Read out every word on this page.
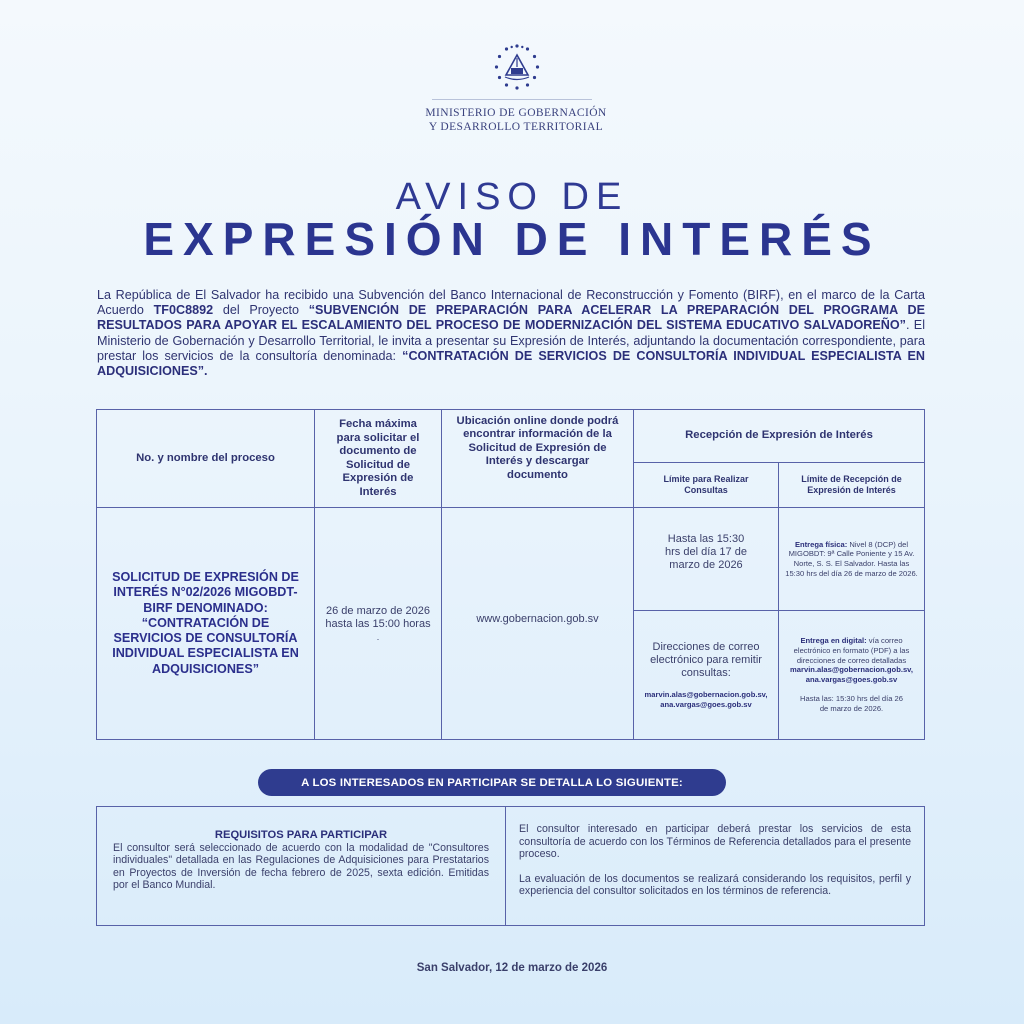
MINISTERIO DE GOBERNACIÓN
Y DESARROLLO TERRITORIAL
AVISO DE
EXPRESIÓN DE INTERÉS
La República de El Salvador ha recibido una Subvención del Banco Internacional de Reconstrucción y Fomento (BIRF), en el marco de la Carta Acuerdo TF0C8892 del Proyecto “SUBVENCIÓN DE PREPARACIÓN PARA ACELERAR LA PREPARACIÓN DEL PROGRAMA DE RESULTADOS PARA APOYAR EL ESCALAMIENTO DEL PROCESO DE MODERNIZACIÓN DEL SISTEMA EDUCATIVO SALVADOREÑO”. El Ministerio de Gobernación y Desarrollo Territorial, le invita a presentar su Expresión de Interés, adjuntando la documentación correspondiente, para prestar los servicios de la consultoría denominada: “CONTRATACIÓN DE SERVICIOS DE CONSULTORÍA INDIVIDUAL ESPECIALISTA EN ADQUISICIONES”.
No. y nombre del proceso
Fecha máxima para solicitar el documento de Solicitud de Expresión de Interés
Ubicación online donde podrá encontrar información de la Solicitud de Expresión de Interés y descargar documento
Recepción de Expresión de Interés
Límite para Realizar Consultas
Límite de Recepción de Expresión de Interés
SOLICITUD DE EXPRESIÓN DE INTERÉS N°02/2026 MIGOBDT-BIRF DENOMINADO: “CONTRATACIÓN DE SERVICIOS DE CONSULTORÍA INDIVIDUAL ESPECIALISTA EN ADQUISICIONES”
26 de marzo de 2026 hasta las 15:00 horas
.
www.gobernacion.gob.sv
Hasta las 15:30 hrs del día 17 de marzo de 2026
Direcciones de correo electrónico para remitir consultas:
marvin.alas@gobernacion.gob.sv, ana.vargas@goes.gob.sv
Entrega física: Nivel 8 (DCP) del MIGOBDT: 9ª Calle Poniente y 15 Av. Norte, S. S. El Salvador. Hasta las 15:30 hrs del día 26 de marzo de 2026.
Entrega en digital: vía correo electrónico en formato (PDF) a las direcciones de correo detalladas
marvin.alas@gobernacion.gob.sv, ana.vargas@goes.gob.sv
Hasta las: 15:30 hrs del día 26 de marzo de 2026.
A LOS INTERESADOS EN PARTICIPAR SE DETALLA LO SIGUIENTE:
REQUISITOS PARA PARTICIPAR
El consultor será seleccionado de acuerdo con la modalidad de "Consultores individuales" detallada en las Regulaciones de Adquisiciones para Prestatarios en Proyectos de Inversión de fecha febrero de 2025, sexta edición. Emitidas por el Banco Mundial.

El consultor interesado en participar deberá prestar los servicios de esta consultoría de acuerdo con los Términos de Referencia detallados para el presente proceso.

La evaluación de los documentos se realizará considerando los requisitos, perfil y experiencia del consultor solicitados en los términos de referencia.

San Salvador, 12 de marzo de 2026
